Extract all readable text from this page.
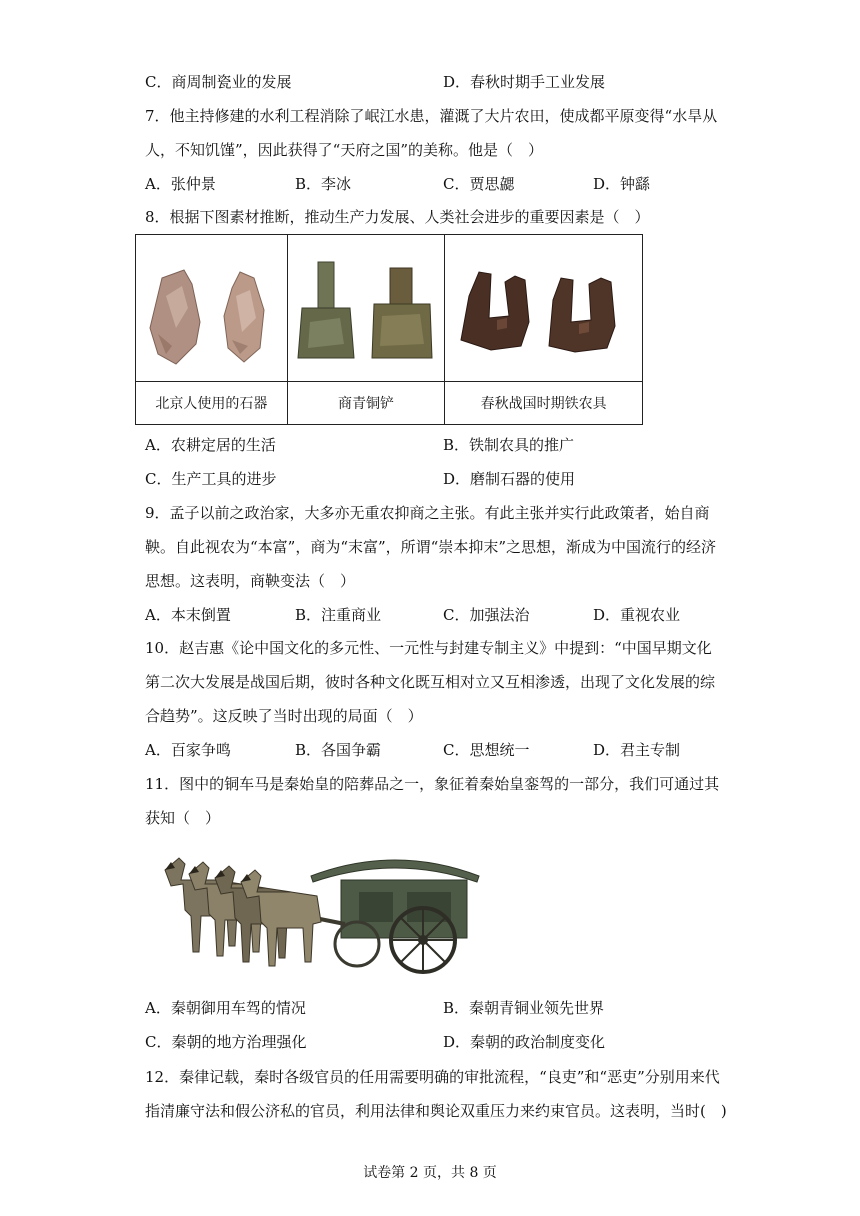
C．商周制瓷业的发展	D．春秋时期手工业发展
7．他主持修建的水利工程消除了岷江水患，灌溉了大片农田，使成都平原变得“水旱从
人，不知饥馑”，因此获得了“天府之国”的美称。他是（　）
A．张仲景	B．李冰	C．贾思勰	D．钟繇
8．根据下图素材推断，推动生产力发展、人类社会进步的重要因素是（　）

北京人使用的石器	商青铜铲	春秋战国时期铁农具
A．农耕定居的生活	B．铁制农具的推广
C．生产工具的进步	D．磨制石器的使用
9．孟子以前之政治家，大多亦无重农抑商之主张。有此主张并实行此政策者，始自商
鞅。自此视农为“本富”，商为“末富”，所谓“崇本抑末”之思想，渐成为中国流行的经济
思想。这表明，商鞅变法（　）
A．本末倒置	B．注重商业	C．加强法治	D．重视农业
10．赵吉惠《论中国文化的多元性、一元性与封建专制主义》中提到：“中国早期文化
第二次大发展是战国后期，彼时各种文化既互相对立又互相渗透，出现了文化发展的综
合趋势”。这反映了当时出现的局面（　）
A．百家争鸣	B．各国争霸	C．思想统一	D．君主专制
11．图中的铜车马是秦始皇的陪葬品之一，象征着秦始皇銮驾的一部分，我们可通过其
获知（　）
A．秦朝御用车驾的情况	B．秦朝青铜业领先世界
C．秦朝的地方治理强化	D．秦朝的政治制度变化
12．秦律记载，秦时各级官员的任用需要明确的审批流程，“良吏”和“恶吏”分别用来代
指清廉守法和假公济私的官员，利用法律和舆论双重压力来约束官员。这表明，当时(　)
试卷第 2 页，共 8 页
